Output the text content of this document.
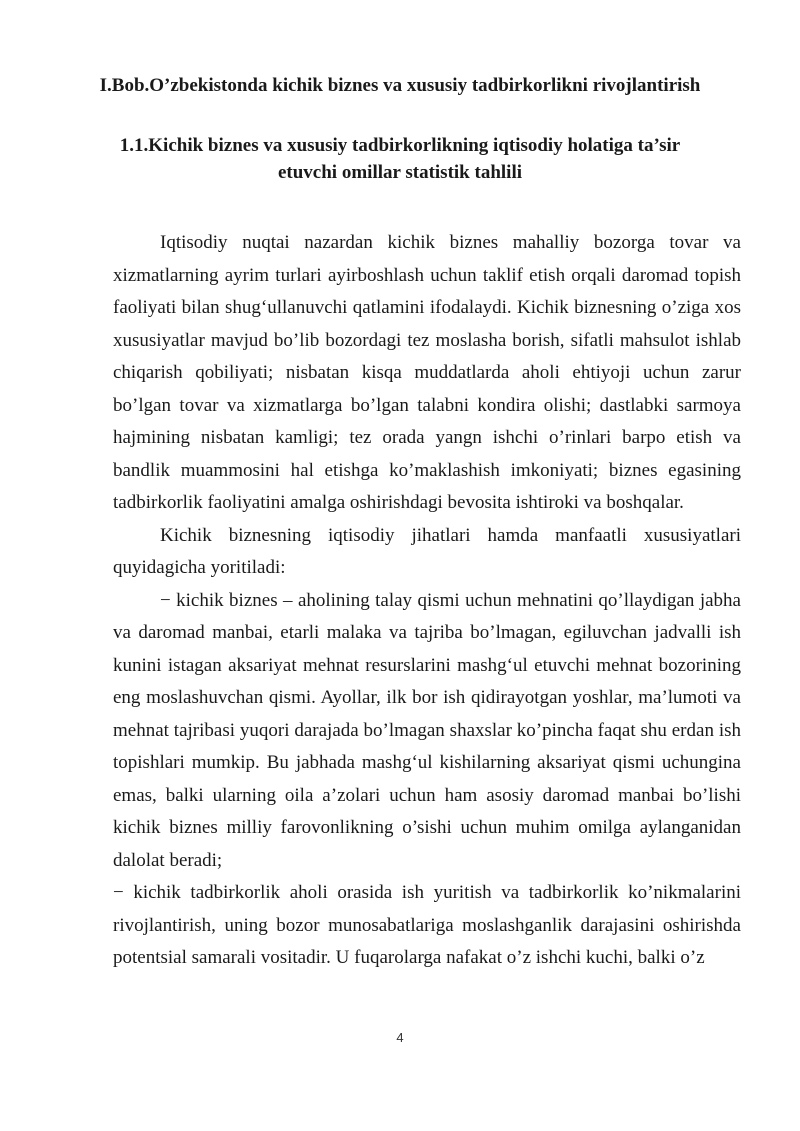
I.Bob.O’zbekistonda kichik biznes va xususiy tadbirkorlikni rivojlantirish
1.1.Kichik biznes va xususiy tadbirkorlikning iqtisodiy holatiga ta’sir etuvchi omillar statistik tahlili

Iqtisodiy nuqtai nazardan kichik biznes mahalliy bozorga tovar va xizmatlarning ayrim turlari ayirboshlash uchun taklif etish orqali daromad topish faoliyati bilan shug‘ullanuvchi qatlamini ifodalaydi. Kichik biznesning o’ziga xos xususiyatlar mavjud bo’lib bozordagi tez moslasha borish, sifatli mahsulot ishlab chiqarish qobiliyati; nisbatan kisqa muddatlarda aholi ehtiyoji uchun zarur bo’lgan tovar va xizmatlarga bo’lgan talabni kondira olishi; dastlabki sarmoya hajmining nisbatan kamligi; tez orada yangn ishchi o’rinlari barpo etish va bandlik muammosini hal etishga ko’maklashish imkoniyati; biznes egasining tadbirkorlik faoliyatini amalga oshirishdagi bevosita ishtiroki va boshqalar.

Kichik biznesning iqtisodiy jihatlari hamda manfaatli xususiyatlari quyidagicha yoritiladi:

− kichik biznes – aholining talay qismi uchun mehnatini qo’llaydigan jabha va daromad manbai, etarli malaka va tajriba bo’lmagan, egiluvchan jadvalli ish kunini istagan aksariyat mehnat resurslarini mashg‘ul etuvchi mehnat bozorining eng moslashuvchan qismi. Ayollar, ilk bor ish qidirayotgan yoshlar, ma’lumoti va mehnat tajribasi yuqori darajada bo’lmagan shaxslar ko’pincha faqat shu erdan ish topishlari mumkip. Bu jabhada mashg‘ul kishilarning aksariyat qismi uchungina emas, balki ularning oila a’zolari uchun ham asosiy daromad manbai bo’lishi kichik biznes milliy farovonlikning o’sishi uchun muhim omilga aylanganidan dalolat beradi;

− kichik tadbirkorlik aholi orasida ish yuritish va tadbirkorlik ko’nikmalarini rivojlantirish, uning bozor munosabatlariga moslashganlik darajasini oshirishda potentsial samarali vositadir. U fuqarolarga nafakat o’z ishchi kuchi, balki o’z

4
